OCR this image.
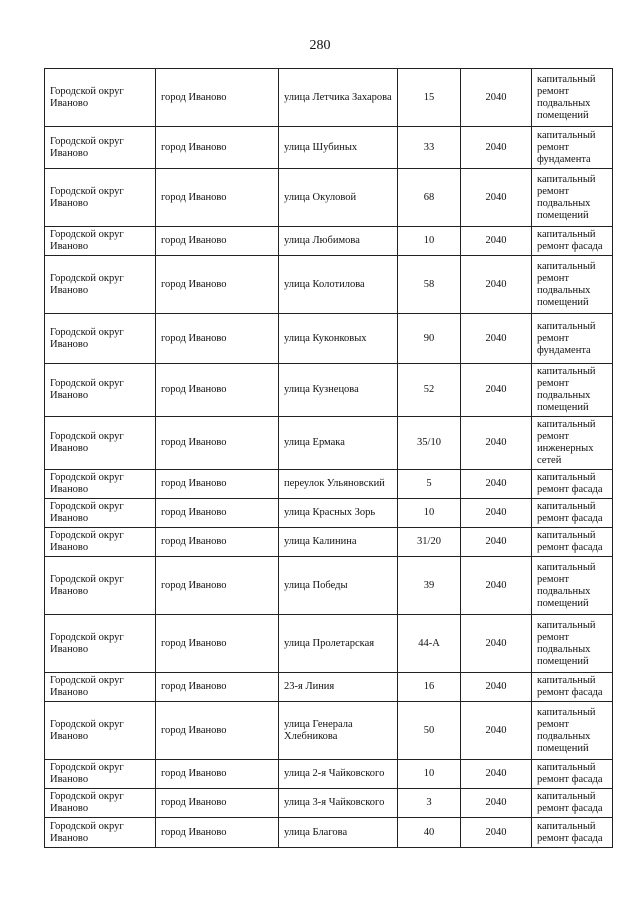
280
Городской округ Иваново	город Иваново	улица Летчика Захарова	15	2040	капитальный ремонт подвальных помещений
Городской округ Иваново	город Иваново	улица Шубиных	33	2040	капитальный ремонт фундамента
Городской округ Иваново	город Иваново	улица Окуловой	68	2040	капитальный ремонт подвальных помещений
Городской округ Иваново	город Иваново	улица Любимова	10	2040	капитальный ремонт фасада
Городской округ Иваново	город Иваново	улица Колотилова	58	2040	капитальный ремонт подвальных помещений
Городской округ Иваново	город Иваново	улица Куконковых	90	2040	капитальный ремонт фундамента
Городской округ Иваново	город Иваново	улица Кузнецова	52	2040	капитальный ремонт подвальных помещений
Городской округ Иваново	город Иваново	улица Ермака	35/10	2040	капитальный ремонт инженерных сетей
Городской округ Иваново	город Иваново	переулок Ульяновский	5	2040	капитальный ремонт фасада
Городской округ Иваново	город Иваново	улица Красных Зорь	10	2040	капитальный ремонт фасада
Городской округ Иваново	город Иваново	улица Калинина	31/20	2040	капитальный ремонт фасада
Городской округ Иваново	город Иваново	улица Победы	39	2040	капитальный ремонт подвальных помещений
Городской округ Иваново	город Иваново	улица Пролетарская	44-А	2040	капитальный ремонт подвальных помещений
Городской округ Иваново	город Иваново	23-я Линия	16	2040	капитальный ремонт фасада
Городской округ Иваново	город Иваново	улица Генерала Хлебникова	50	2040	капитальный ремонт подвальных помещений
Городской округ Иваново	город Иваново	улица 2-я Чайковского	10	2040	капитальный ремонт фасада
Городской округ Иваново	город Иваново	улица 3-я Чайковского	3	2040	капитальный ремонт фасада
Городской округ Иваново	город Иваново	улица Благова	40	2040	капитальный ремонт фасада
